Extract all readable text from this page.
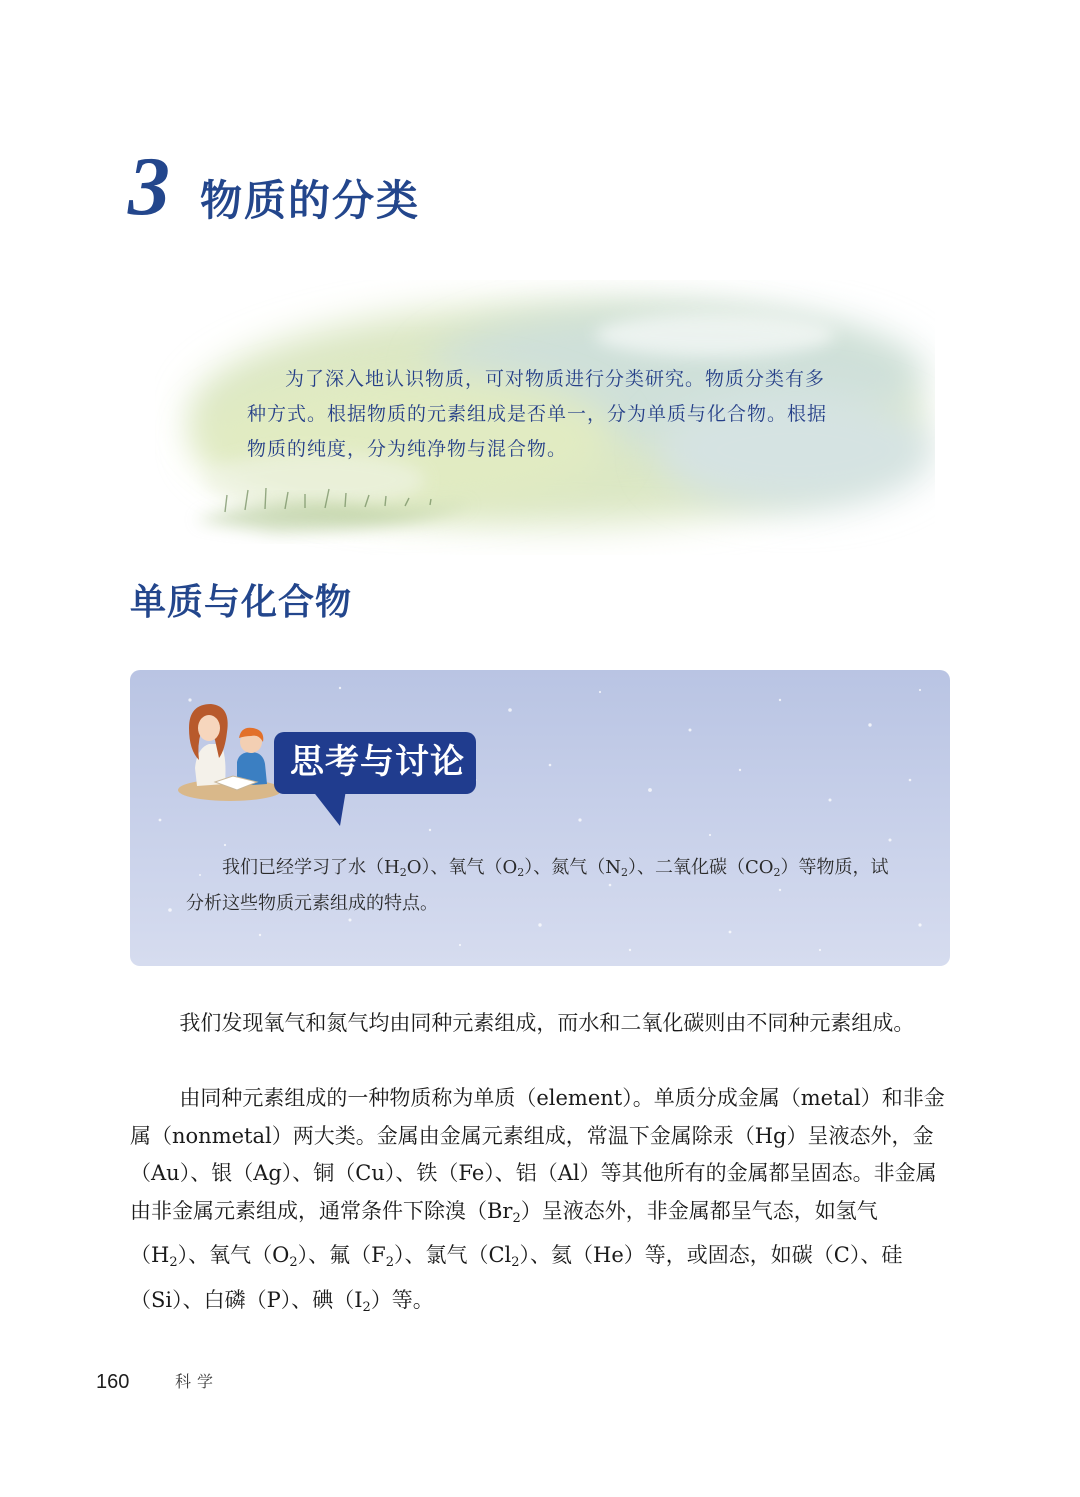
3 物质的分类
为了深入地认识物质，可对物质进行分类研究。物质分类有多种方式。根据物质的元素组成是否单一，分为单质与化合物。根据物质的纯度，分为纯净物与混合物。
单质与化合物
思考与讨论
我们已经学习了水$(H_2O)$、氧气$(O_2)$、氮气$(N_2)$、二氧化碳$(CO_2)$等物质，试分析这些物质元素组成的特点。
我们发现氧气和氮气均由同种元素组成，而水和二氧化碳则由不同种元素组成。
由同种元素组成的一种物质称为单质（element）。单质分成金属（metal）和非金属（nonmetal）两大类。金属由金属元素组成，常温下金属除汞（Hg）呈液态外，金（Au）、银（Ag）、铜（Cu）、铁（Fe）、铝（Al）等其他所有的金属都呈固态。非金属由非金属元素组成，通常条件下除溴$(Br_2)$呈液态外，非金属都呈气态，如氢气$(H_2)$、氧气$(O_2)$、氟$(F_2)$、氯气$(Cl_2)$、氦（He）等，或固态，如碳（C）、硅（Si）、白磷（P）、碘$(I_2)$等。
160	科学
